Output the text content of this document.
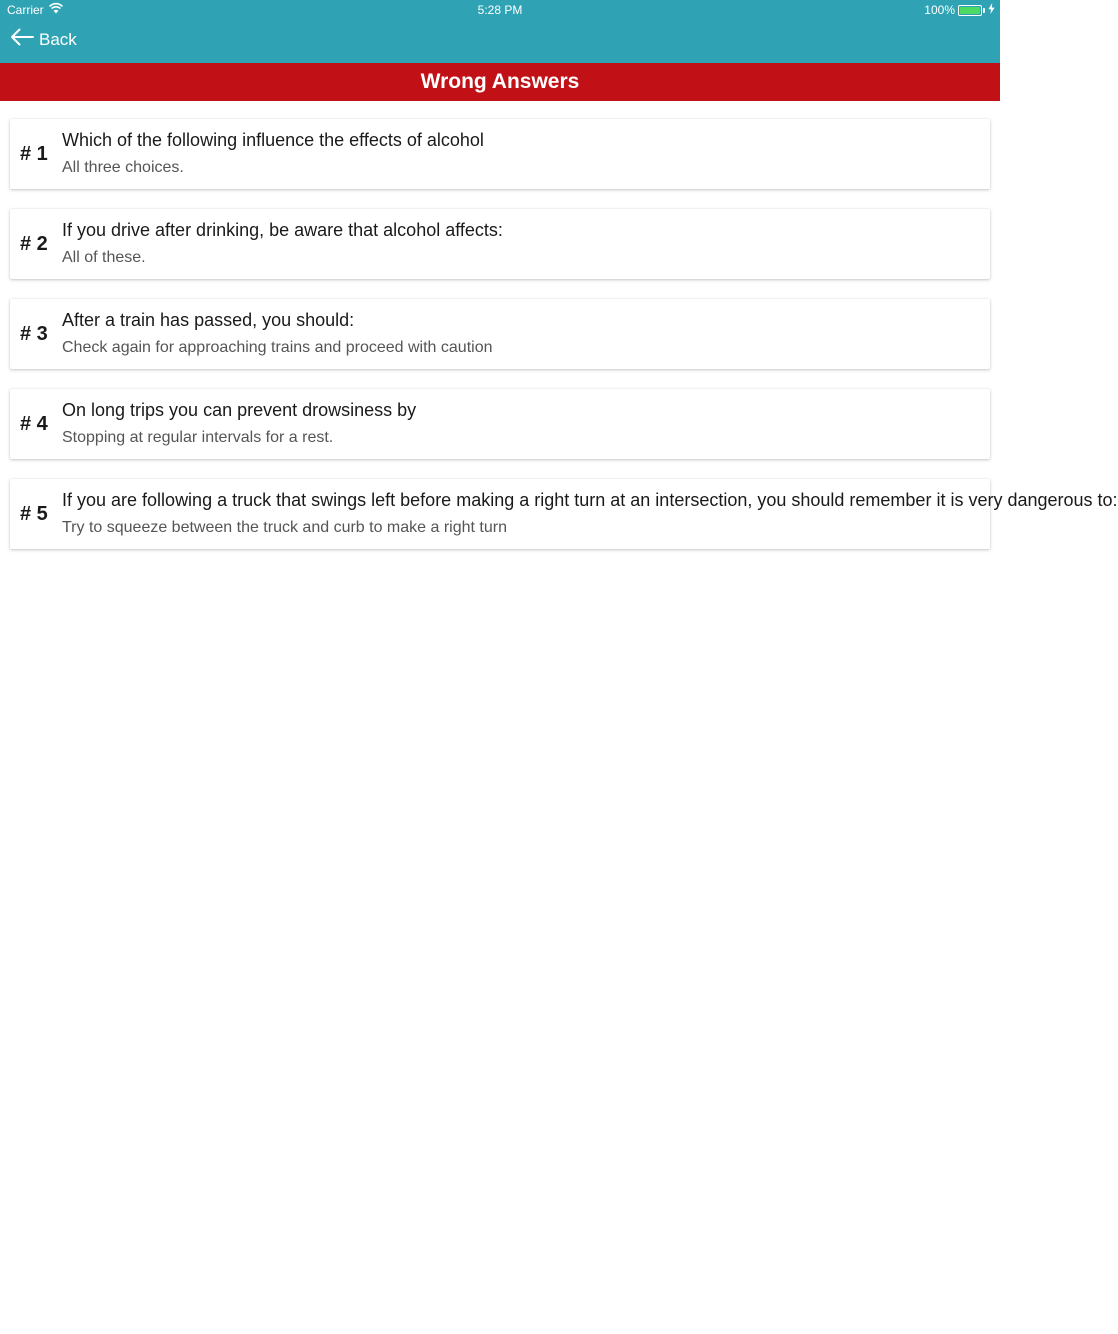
Carrier	5:28 PM	100%
Back
Wrong Answers
# 1
Which of the following influence the effects of alcohol
All three choices.
# 2
If you drive after drinking, be aware that alcohol affects:
All of these.
# 3
After a train has passed, you should:
Check again for approaching trains and proceed with caution
# 4
On long trips you can prevent drowsiness by
Stopping at regular intervals for a rest.
# 5
If you are following a truck that swings left before making a right turn at an intersection, you should remember it is very dangerous to:
Try to squeeze between the truck and curb to make a right turn
